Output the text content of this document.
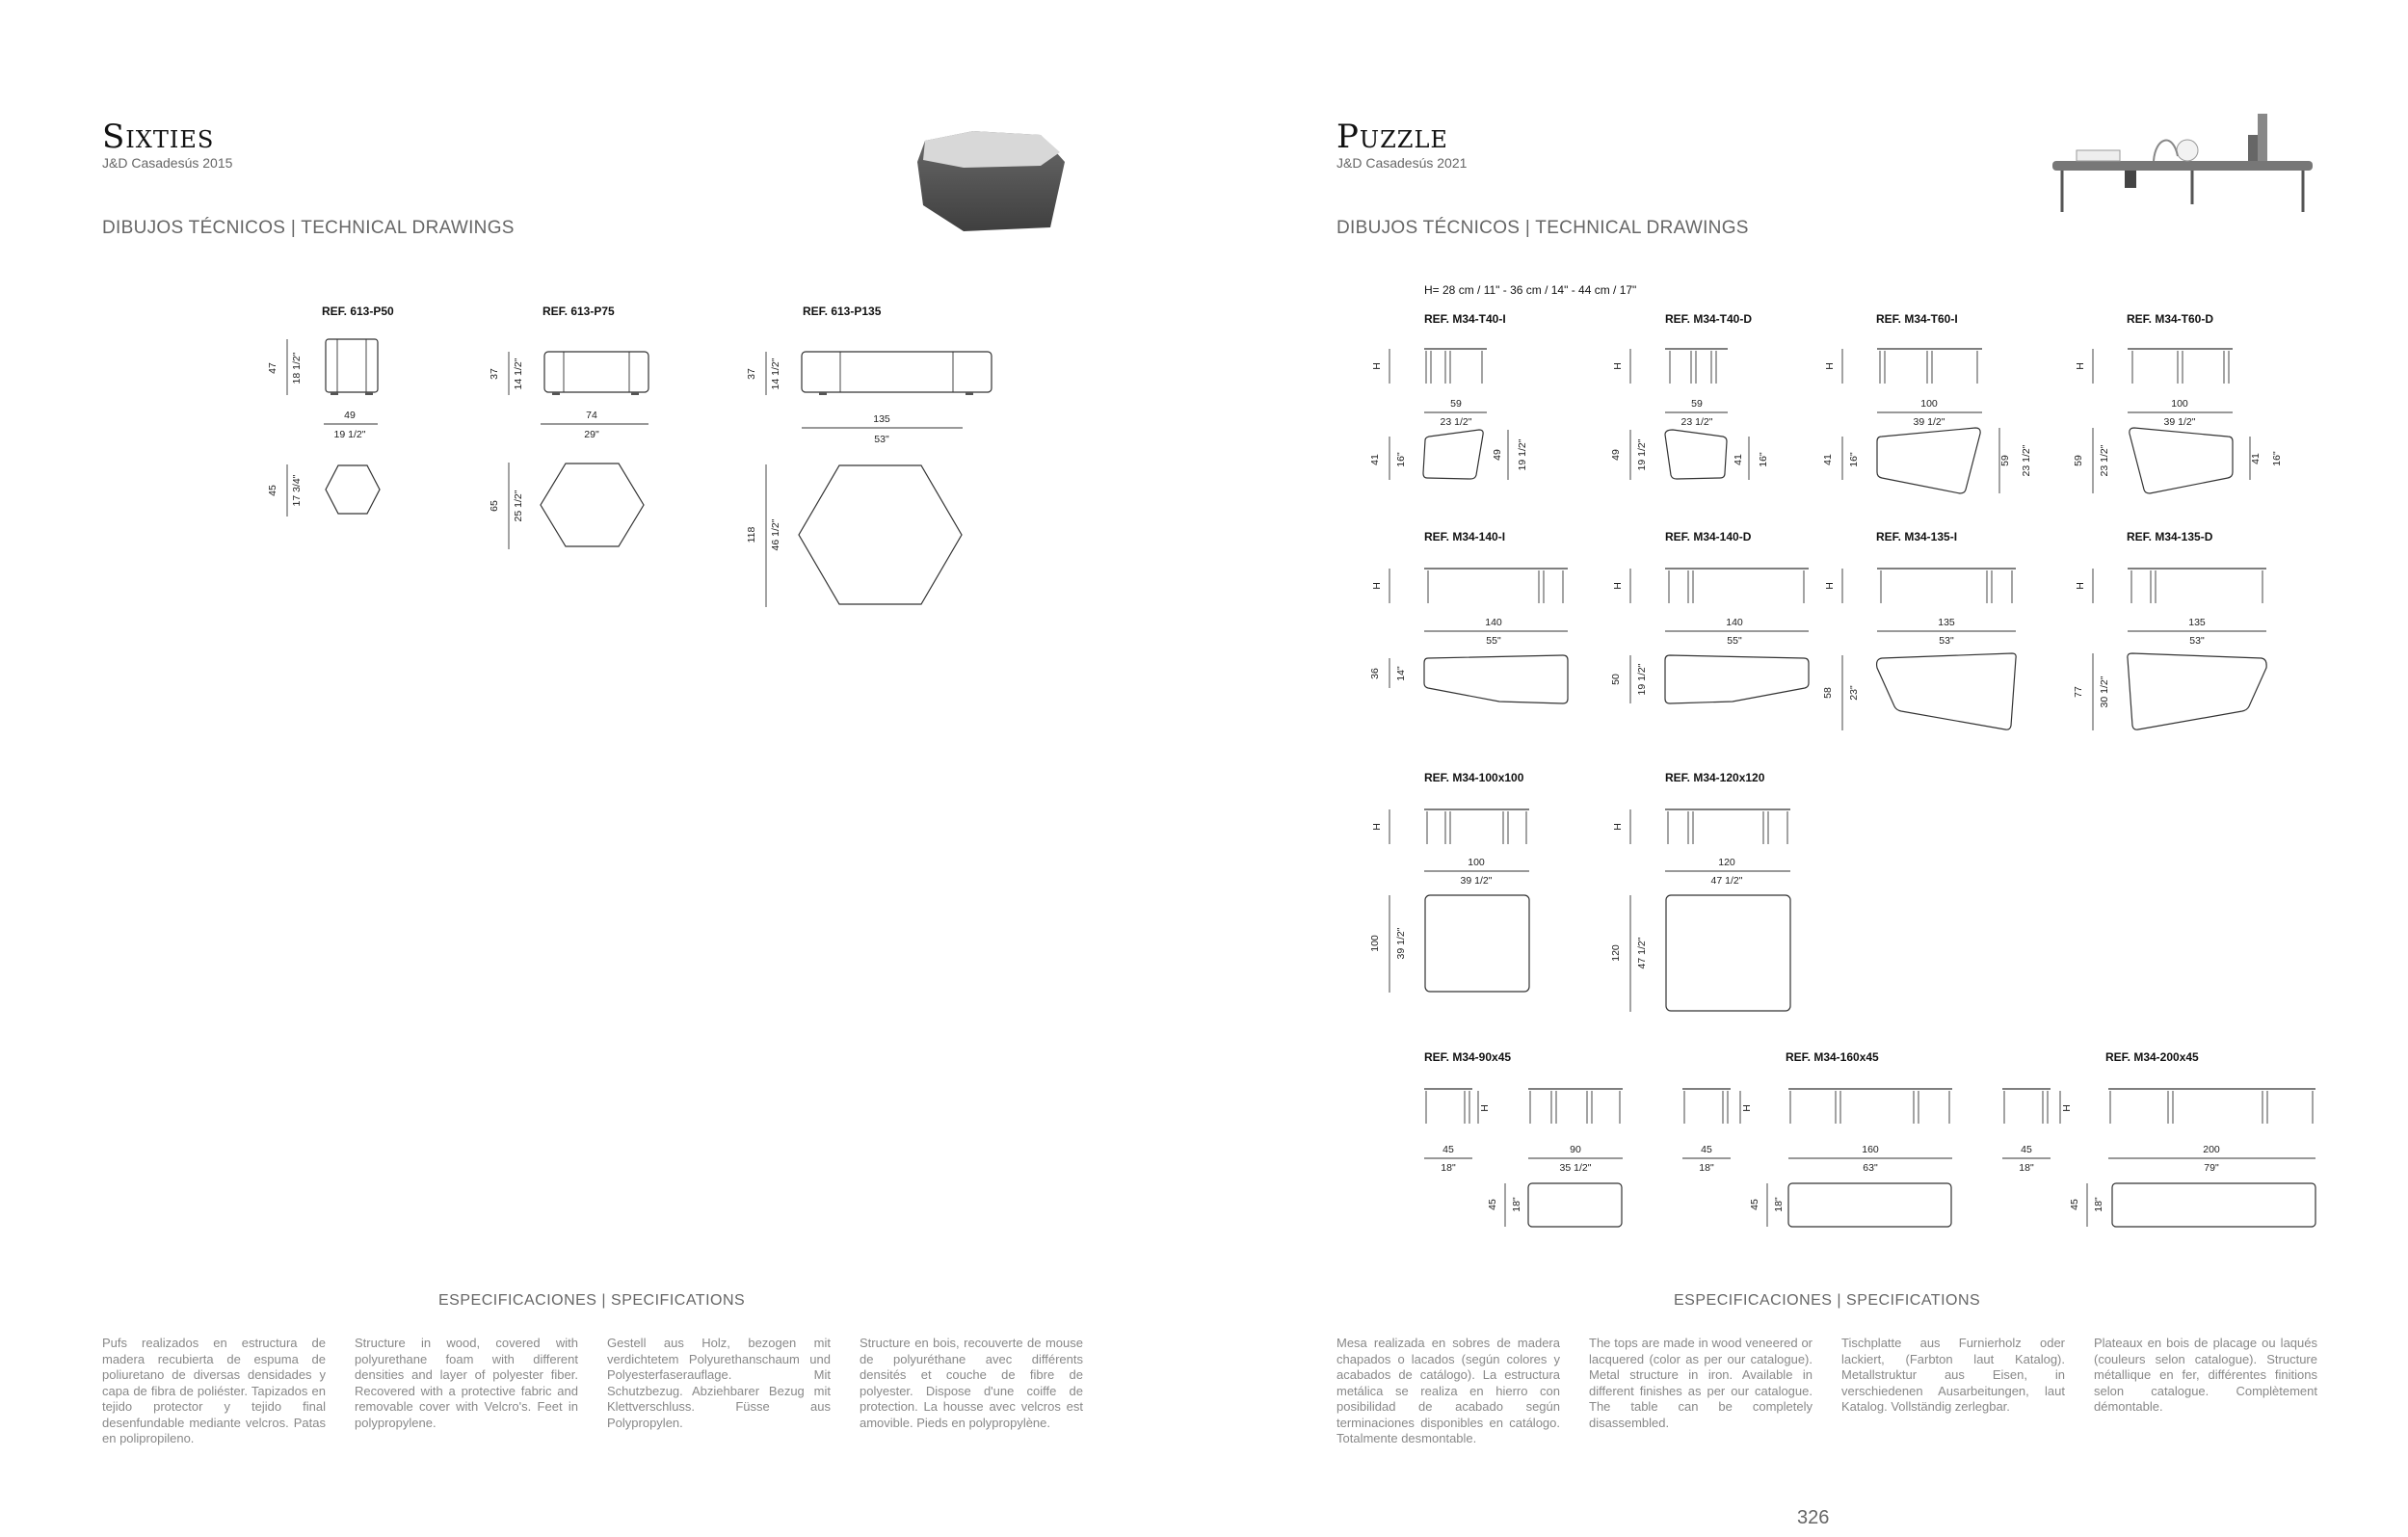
Sixties
J&D Casadesús 2015
DIBUJOS TÉCNICOS | TECHNICAL DRAWINGS
REF. 613-P50	REF. 613-P75	REF. 613-P135
47 18 1/2"
49
19 1/2"
45 17 3/4"
37 14 1/2"
74
29"
65 25 1/2"
37 14 1/2"
135
53"
118 46 1/2"
ESPECIFICACIONES | SPECIFICATIONS
Pufs realizados en estructura de madera recubierta de espuma de poliuretano de diversas densidades y capa de fibra de poliéster. Tapizados en tejido protector y tejido final desenfundable mediante velcros. Patas en polipropileno.
Structure in wood, covered with polyurethane foam with different densities and layer of polyester fiber. Recovered with a protective fabric and removable cover with Velcro's. Feet in polypropylene.
Gestell aus Holz, bezogen mit verdichtetem Polyurethanschaum und Polyesterfaserauflage. Mit Schutzbezug. Abziehbarer Bezug mit Klettverschluss. Füsse aus Polypropylen.
Structure en bois, recouverte de mouse de polyuréthane avec différents densités et couche de fibre de polyester. Dispose d'une coiffe de protection. La housse avec velcros est amovible. Pieds en polypropylène.
Puzzle
J&D Casadesús 2021
DIBUJOS TÉCNICOS | TECHNICAL DRAWINGS
H= 28 cm / 11" - 36 cm / 14" - 44 cm / 17"
REF. M34-T40-I	REF. M34-T40-D	REF. M34-T60-I	REF. M34-T60-D
REF. M34-140-I	REF. M34-140-D	REF. M34-135-I	REF. M34-135-D
REF. M34-100x100	REF. M34-120x120
REF. M34-90x45	REF. M34-160x45	REF. M34-200x45
H
59
23 1/2"
41 16"	49 19 1/2"
H
59
23 1/2"
49 19 1/2"	41 16"
H
100
39 1/2"
41 16"	59 23 1/2"
H
100
39 1/2"
59 23 1/2"	41 16"
H
140
55"
36 14"
H
140
55"
50 19 1/2"
H
135
53"
58 23"
H
135
53"
77 30 1/2"
H
100
39 1/2"
100 39 1/2"
H
120
47 1/2"
120 47 1/2"
H
45
18"
90
35 1/2"
45 18"
H
45
18"
160
63"
45 18"
H
45
18"
200
79"
45 18"
ESPECIFICACIONES | SPECIFICATIONS
Mesa realizada en sobres de madera chapados o lacados (según colores y acabados de catálogo). La estructura metálica se realiza en hierro con posibilidad de acabado según terminaciones disponibles en catálogo. Totalmente desmontable.
The tops are made in wood veneered or lacquered (color as per our catalogue). Metal structure in iron. Available in different finishes as per our catalogue. The table can be completely disassembled.
Tischplatte aus Furnierholz oder lackiert, (Farbton laut Katalog). Metallstruktur aus Eisen, in verschiedenen Ausarbeitungen, laut Katalog. Vollständig zerlegbar.
Plateaux en bois de placage ou laqués (couleurs selon catalogue). Structure métallique en fer, différentes finitions selon catalogue. Complètement démontable.
326
